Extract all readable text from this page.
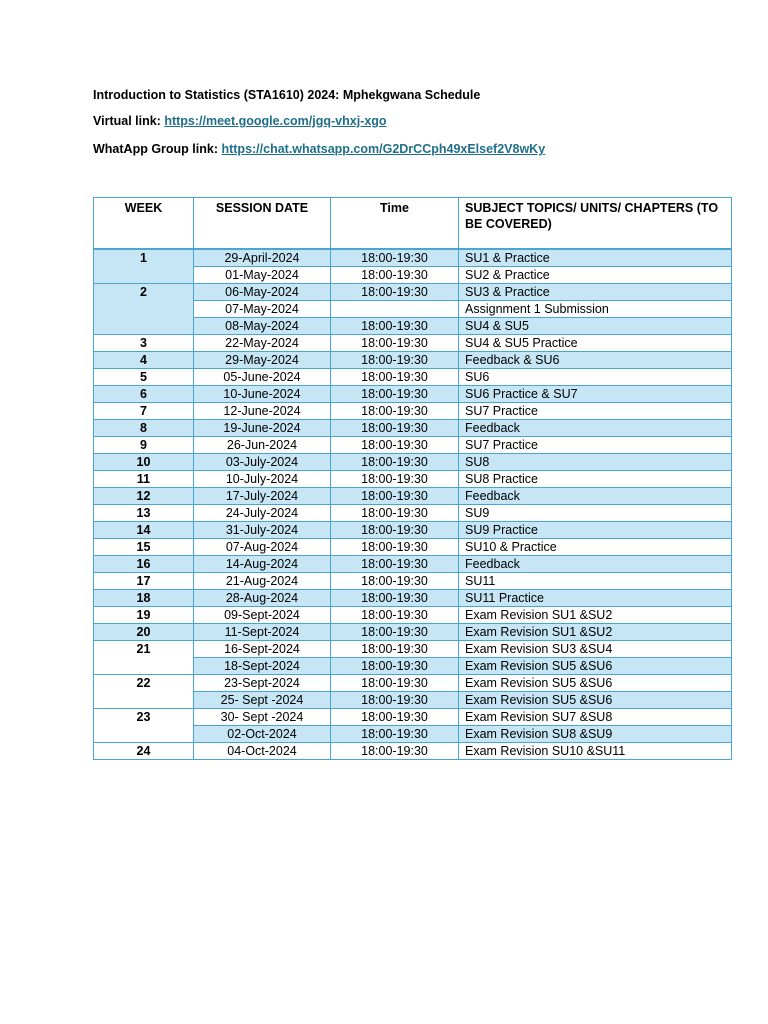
Introduction to Statistics (STA1610) 2024: Mphekgwana Schedule
Virtual link: https://meet.google.com/jgq-vhxj-xgo
WhatApp Group link: https://chat.whatsapp.com/G2DrCCph49xElsef2V8wKy
WEEK	SESSION DATE	Time	SUBJECT TOPICS/ UNITS/ CHAPTERS (TO BE COVERED)
1	29-April-2024	18:00-19:30	SU1 & Practice
	01-May-2024	18:00-19:30	SU2 & Practice
2	06-May-2024	18:00-19:30	SU3 & Practice
	07-May-2024		Assignment 1 Submission
	08-May-2024	18:00-19:30	SU4 & SU5
3	22-May-2024	18:00-19:30	SU4 & SU5 Practice
4	29-May-2024	18:00-19:30	Feedback & SU6
5	05-June-2024	18:00-19:30	SU6
6	10-June-2024	18:00-19:30	SU6 Practice & SU7
7	12-June-2024	18:00-19:30	SU7 Practice
8	19-June-2024	18:00-19:30	Feedback
9	26-Jun-2024	18:00-19:30	SU7 Practice
10	03-July-2024	18:00-19:30	SU8
11	10-July-2024	18:00-19:30	SU8 Practice
12	17-July-2024	18:00-19:30	Feedback
13	24-July-2024	18:00-19:30	SU9
14	31-July-2024	18:00-19:30	SU9 Practice
15	07-Aug-2024	18:00-19:30	SU10 & Practice
16	14-Aug-2024	18:00-19:30	Feedback
17	21-Aug-2024	18:00-19:30	SU11
18	28-Aug-2024	18:00-19:30	SU11 Practice
19	09-Sept-2024	18:00-19:30	Exam Revision SU1 &SU2
20	11-Sept-2024	18:00-19:30	Exam Revision SU1 &SU2
21	16-Sept-2024	18:00-19:30	Exam Revision SU3 &SU4
	18-Sept-2024	18:00-19:30	Exam Revision SU5 &SU6
22	23-Sept-2024	18:00-19:30	Exam Revision SU5 &SU6
	25- Sept -2024	18:00-19:30	Exam Revision SU5 &SU6
23	30- Sept -2024	18:00-19:30	Exam Revision SU7 &SU8
	02-Oct-2024	18:00-19:30	Exam Revision SU8 &SU9
24	04-Oct-2024	18:00-19:30	Exam Revision SU10 &SU11
